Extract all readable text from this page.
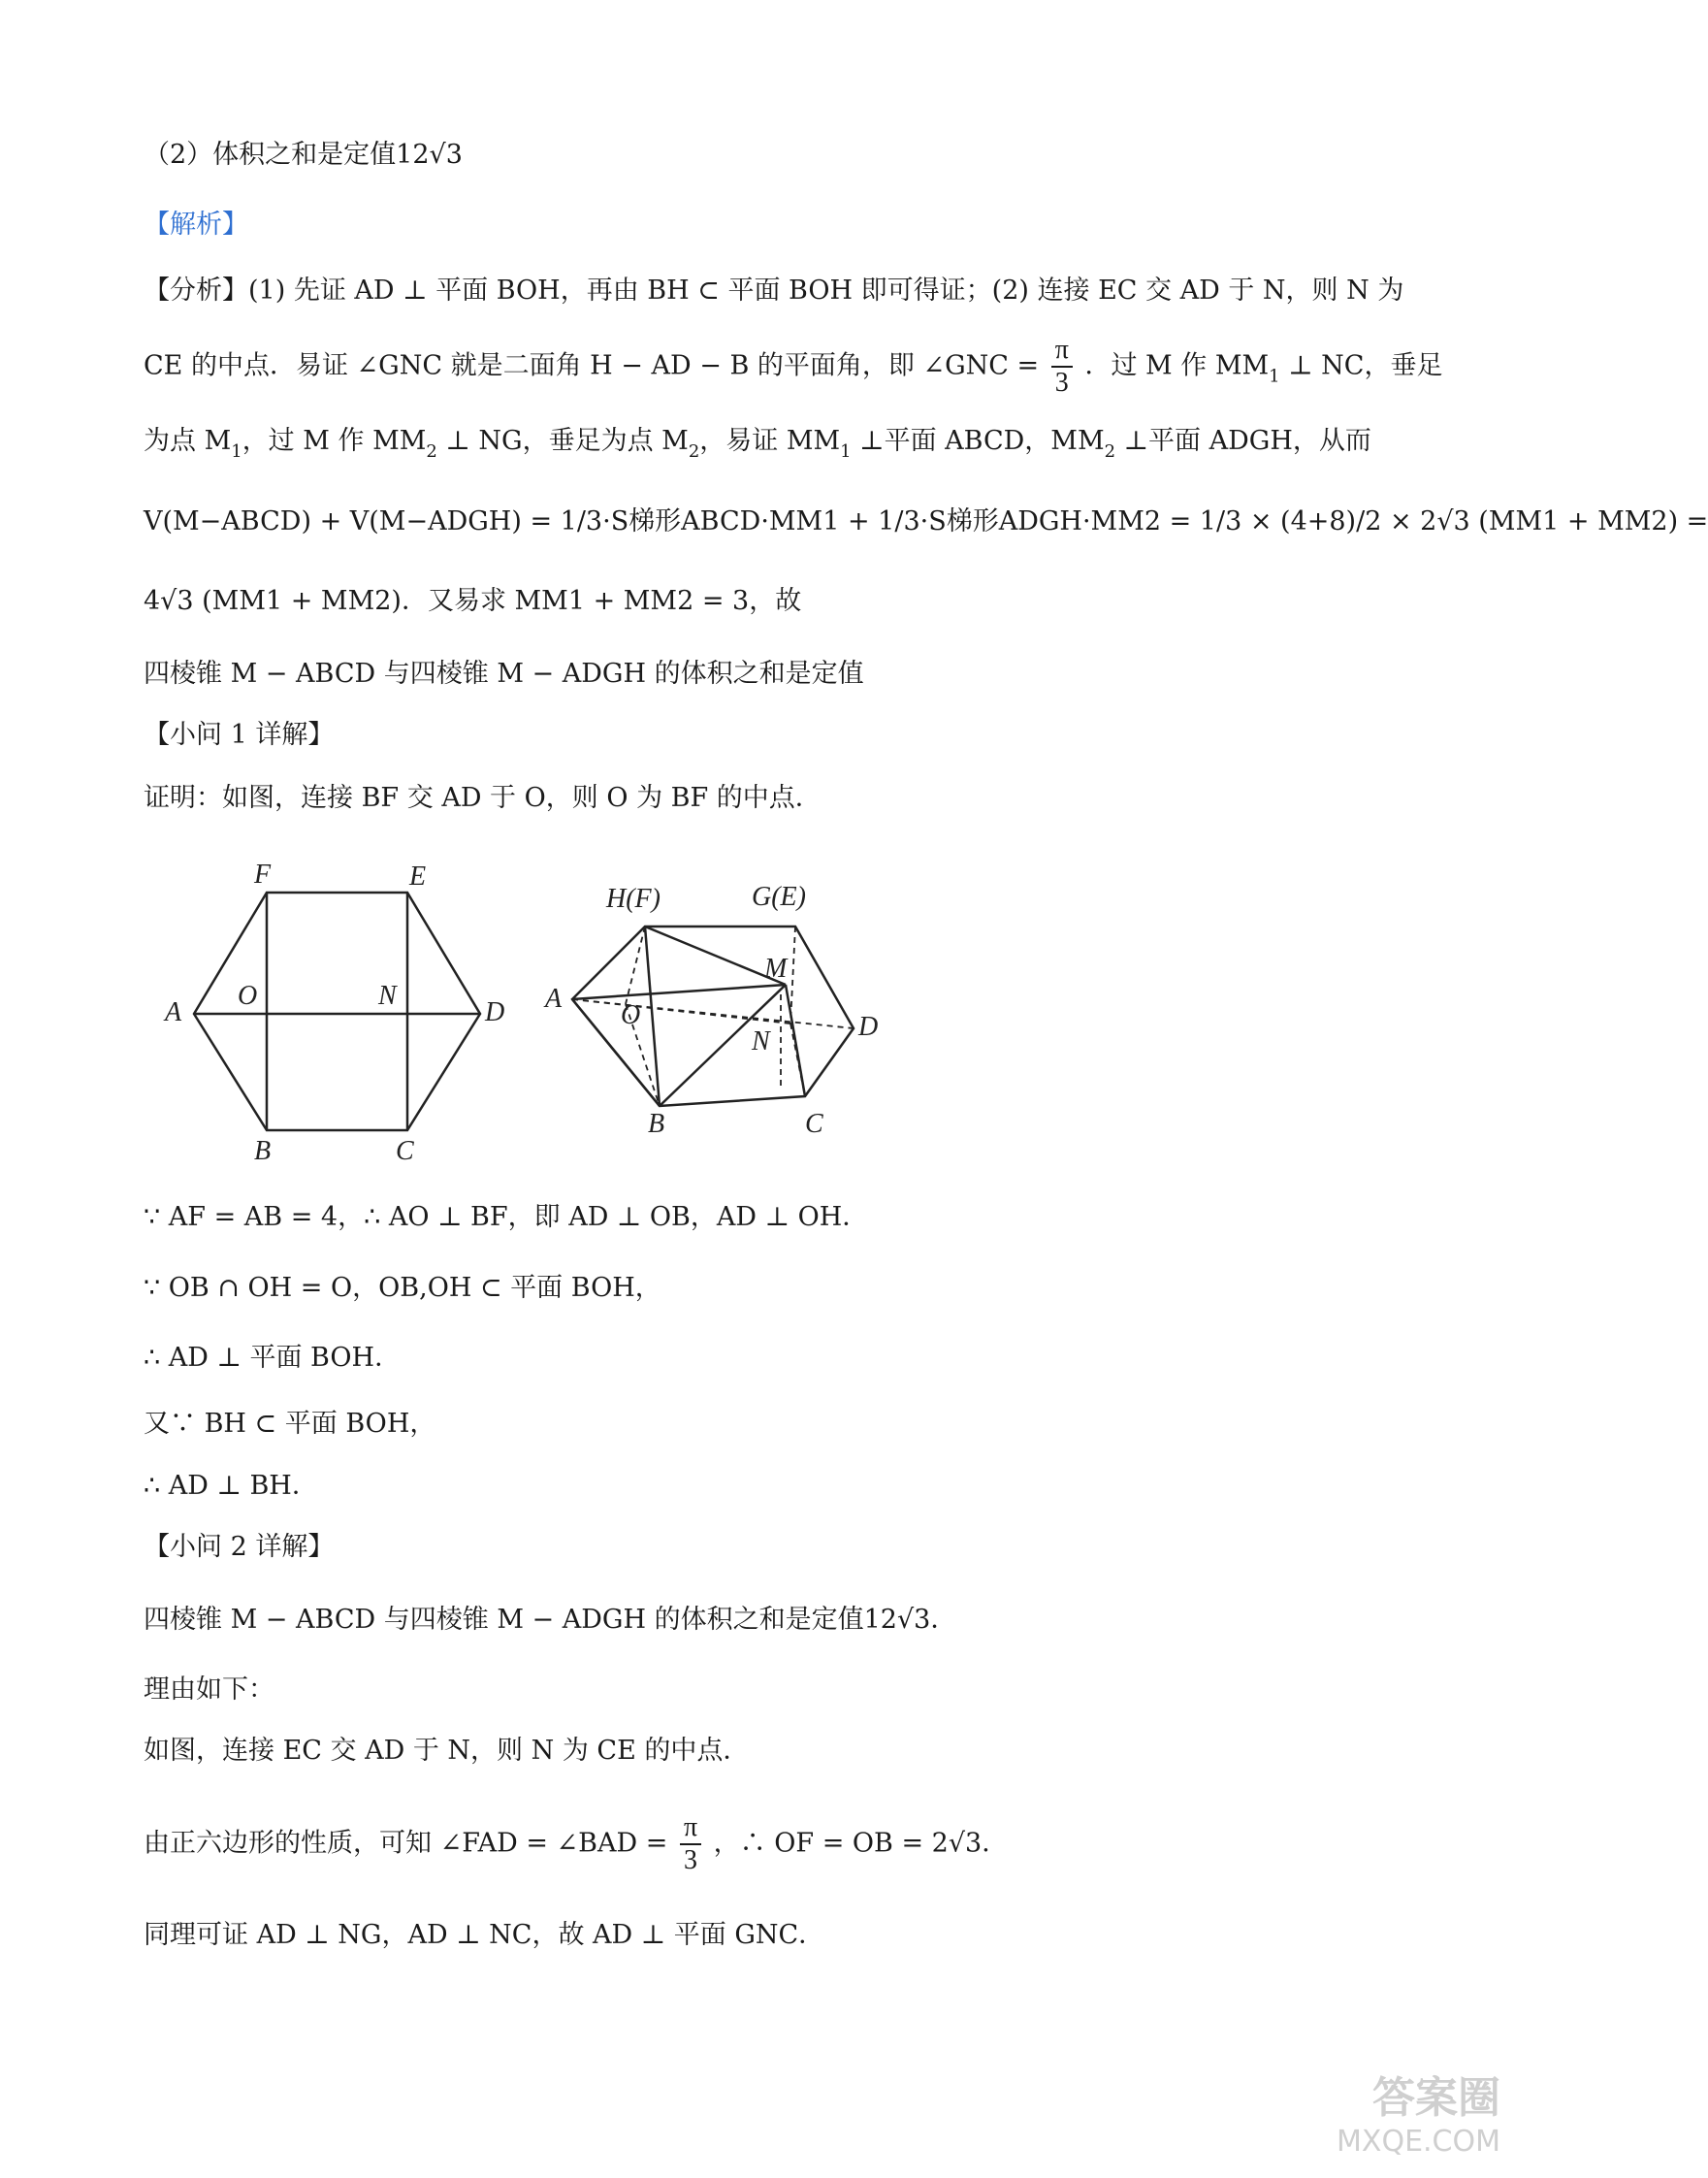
（2）体积之和是定值12√3
【解析】
【分析】(1) 先证 AD ⊥ 平面 BOH，再由 BH ⊂ 平面 BOH 即可得证；(2) 连接 EC 交 AD 于 N，则 N 为
CE 的中点．易证 ∠GNC 就是二面角 H − AD − B 的平面角，即 ∠GNC = $\frac{\pi}{3}$ ．过 M 作 $MM_1$ ⊥ NC，垂足
为点 $M_1$，过 M 作 $MM_2$ ⊥ NG，垂足为点 $M_2$，易证 $MM_1$ ⊥平面 ABCD，$MM_2$ ⊥平面 ADGH，从而
V(M−ABCD) + V(M−ADGH) = 1/3·S梯形ABCD·MM1 + 1/3·S梯形ADGH·MM2 = 1/3 × (4+8)/2 × 2√3 (MM1 + MM2) =
4√3 (MM1 + MM2)．又易求 MM1 + MM2 = 3，故
四棱锥 M − ABCD 与四棱锥 M − ADGH 的体积之和是定值
【小问 1 详解】
证明：如图，连接 BF 交 AD 于 O，则 O 为 BF 的中点．
F	E
A
O	N
D
B	C
H(F)	G(E)
M
A
O
N	D
B	C
∵ AF = AB = 4，∴ AO ⊥ BF，即 AD ⊥ OB，AD ⊥ OH．
∵ OB ∩ OH = O，OB,OH ⊂ 平面 BOH，
∴ AD ⊥ 平面 BOH．
又∵ BH ⊂ 平面 BOH，
∴ AD ⊥ BH．
【小问 2 详解】
四棱锥 M − ABCD 与四棱锥 M − ADGH 的体积之和是定值12√3．
理由如下：
如图，连接 EC 交 AD 于 N，则 N 为 CE 的中点．
由正六边形的性质，可知 ∠FAD = ∠BAD = $\frac{\pi}{3}$ ，∴ OF = OB = 2√3．
同理可证 AD ⊥ NG，AD ⊥ NC，故 AD ⊥ 平面 GNC．
答案圈
MXQE.COM
